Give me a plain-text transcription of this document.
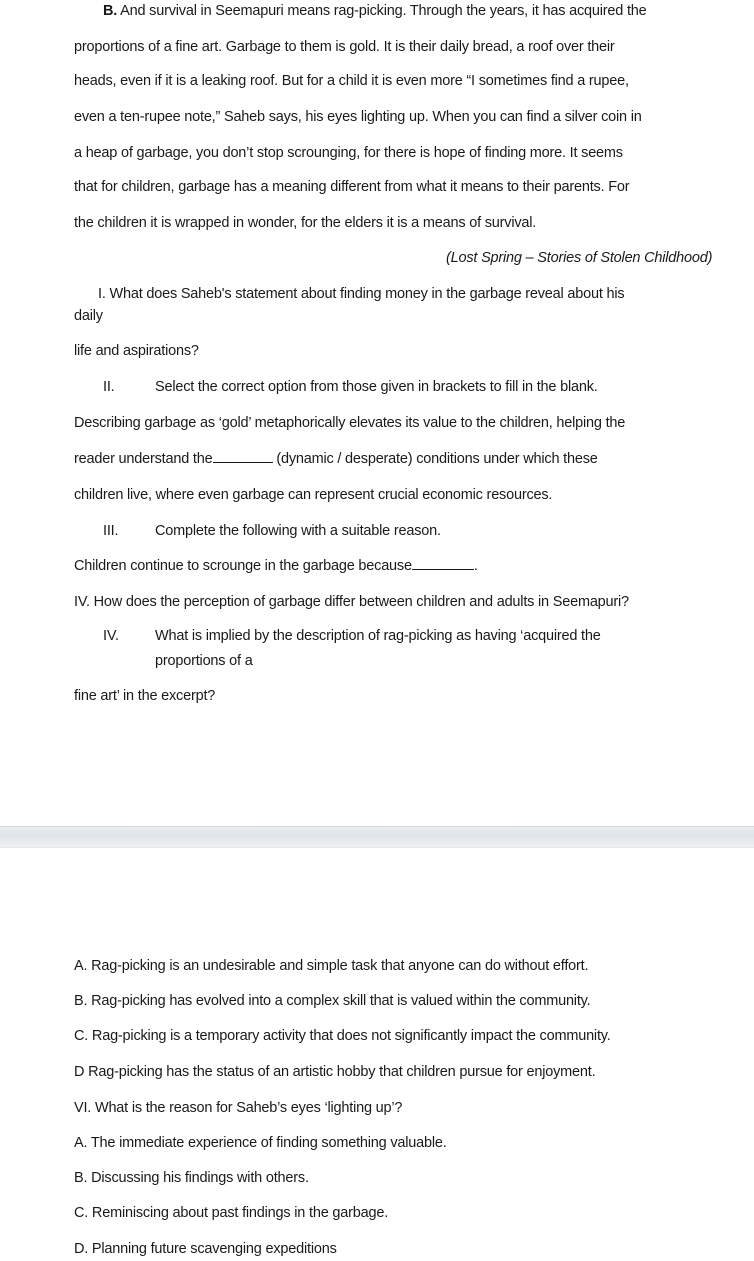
B. And survival in Seemapuri means rag-picking. Through the years, it has acquired the
proportions of a fine art. Garbage to them is gold. It is their daily bread, a roof over their
heads, even if it is a leaking roof. But for a child it is even more “I sometimes find a rupee,
even a ten-rupee note,” Saheb says, his eyes lighting up. When you can find a silver coin in
a heap of garbage, you don’t stop scrounging, for there is hope of finding more. It seems
that for children, garbage has a meaning different from what it means to their parents. For
the children it is wrapped in wonder, for the elders it is a means of survival.
(Lost Spring – Stories of Stolen Childhood)
I. What does Saheb's statement about finding money in the garbage reveal about his
daily
life and aspirations?
II.	Select the correct option from those given in brackets to fill in the blank.
Describing garbage as ‘gold’ metaphorically elevates its value to the children, helping the
reader understand the	(dynamic / desperate) conditions under which these
children live, where even garbage can represent crucial economic resources.
III.	Complete the following with a suitable reason.
Children continue to scrounge in the garbage because	.
IV. How does the perception of garbage differ between children and adults in Seemapuri?
IV. What is implied by the description of rag-picking as having ‘acquired the
proportions of a
fine art’ in the excerpt?
A. Rag-picking is an undesirable and simple task that anyone can do without effort.
B. Rag-picking has evolved into a complex skill that is valued within the community.
C. Rag-picking is a temporary activity that does not significantly impact the community.
D Rag-picking has the status of an artistic hobby that children pursue for enjoyment.
VI. What is the reason for Saheb’s eyes ‘lighting up’?
A. The immediate experience of finding something valuable.
B. Discussing his findings with others.
C. Reminiscing about past findings in the garbage.
D. Planning future scavenging expeditions
